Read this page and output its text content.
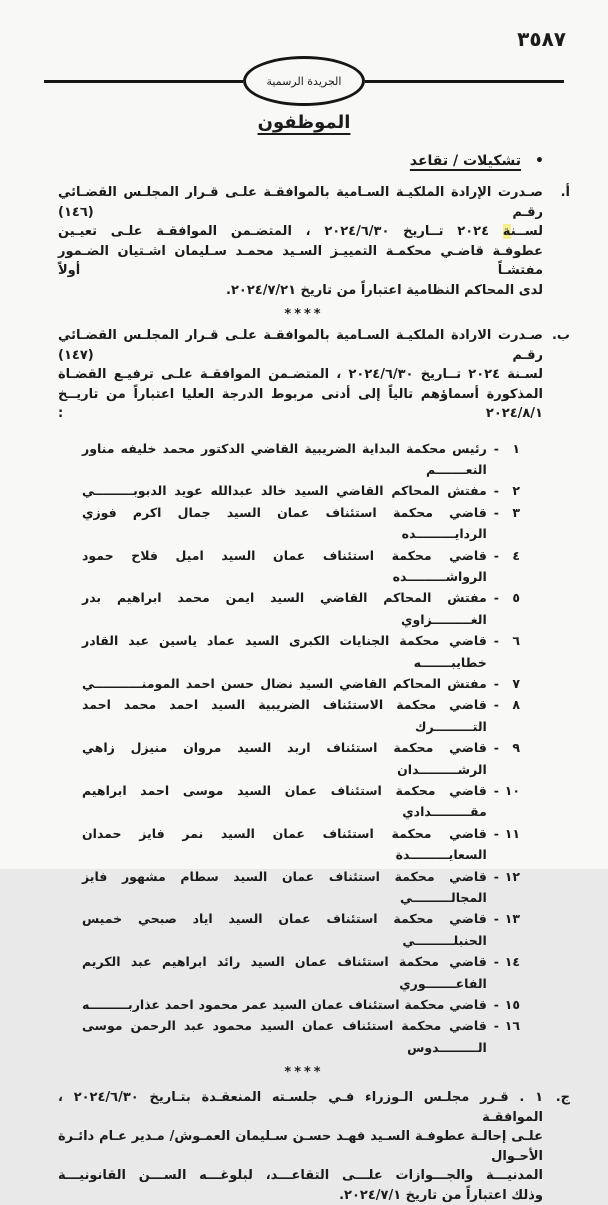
٣٥٨٧
الجريدة الرسمية
الموظفون
•
تشكيلات / تقاعد
أ.
صـدرت الإرادة الملكيـة السـامية بالموافقـة علـى قـرار المجلـس القضـائي رقـم (١٤٦)
لســن‍‍ة ٢٠٢٤ تــاريخ ٢٠٢٤/٦/٣٠ ، المتضـمن الموافقـة علـى تعيـين
عطوفـة قاضـي محكمـة التمييـز السـيد محمـد سـليمان اشـتيان الضـمور مفتشـاً أولاً
لدى المحاكم النظامية اعتباراً من تاريخ ٢٠٢٤/٧/٢١.
****
ب.
صـدرت الارادة الملكيـة السـامية بالموافقـة علـى قـرار المجلـس القضـائي رقـم (١٤٧)
لسـنة ٢٠٢٤ تــاريخ ٢٠٢٤/٦/٣٠ ، المتضـمن الموافقـة علـى ترفيـع القضـاة
المذكورة أسماؤهم تالياً إلى أدنى مربوط الدرجة العليا اعتباراً من تاريــخ ٢٠٢٤/٨/١ :
١
-
رئيس محكمة البداية الضريبية القاضي الدكتور محمد خليفه مناور النعـــــــم
٢
-
مفتش المحاكم القاضي السيد خالد عبدالله عويد الدبوبـــــــــي
٣
-
قاضي محكمة استئناف عمان السيد جمال اكرم فوزي الردايـــــــــده
٤
-
قاضي محكمة استئناف عمان السيد اميل فلاح حمود الرواشـــــــــده
٥
-
مفتش المحاكم القاضي السيد ايمن محمد ابراهيم بدر الغـــــــــزاوي
٦
-
قاضي محكمة الجنايات الكبرى السيد عماد ياسين عبد القادر خطايبـــــــه
٧
-
مفتش المحاكم القاضي السيد نضال حسن احمد المومنـــــــــــي
٨
-
قاضي محكمة الاستئناف الضريبية السيد احمد محمد احمد التـــــــــرك
٩
-
قاضي محكمة استئناف اربد السيد مروان منيزل زاهي الرشـــــــــدان
١٠
-
قاضي محكمة استئناف عمان السيد موسى احمد ابراهيم مقـــــــــدادي
١١
-
قاضي محكمة استئناف عمان السيد نمر فايز حمدان السعايـــــــــدة
١٢
-
قاضي محكمة استئناف عمان السيد سطام مشهور فايز المجالـــــــــي
١٣
-
قاضي محكمة استئناف عمان السيد اياد صبحي خميس الحنبلـــــــــي
١٤
-
قاضي محكمة استئناف عمان السيد رائد ابراهيم عبد الكريم الفاعـــــــوري
١٥
-
قاضي محكمة استئناف عمان السيد عمر محمود احمد عذاربـــــــــه
١٦
-
قاضي محكمة استئناف عمان السيد محمود عبد الرحمن موسى الـــــــــدوس
****
ج.
١ . قـرر مجلـس الـوزراء فـي جلسـته المنعقـدة بتـاريخ ٢٠٢٤/٦/٣٠ ، الموافقـة
علـى إحالـة عطوفـة السـيد فهـد حسـن سـليمان العمـوش/ مـدير عـام دائـرة الأحـوال
المدنيـــة والجـــوازات علـــى التقاعـــد، لبلوغـــه الســـن القانونيـــة
وذلك اعتباراً من تاريخ ٢٠٢٤/٧/١.
